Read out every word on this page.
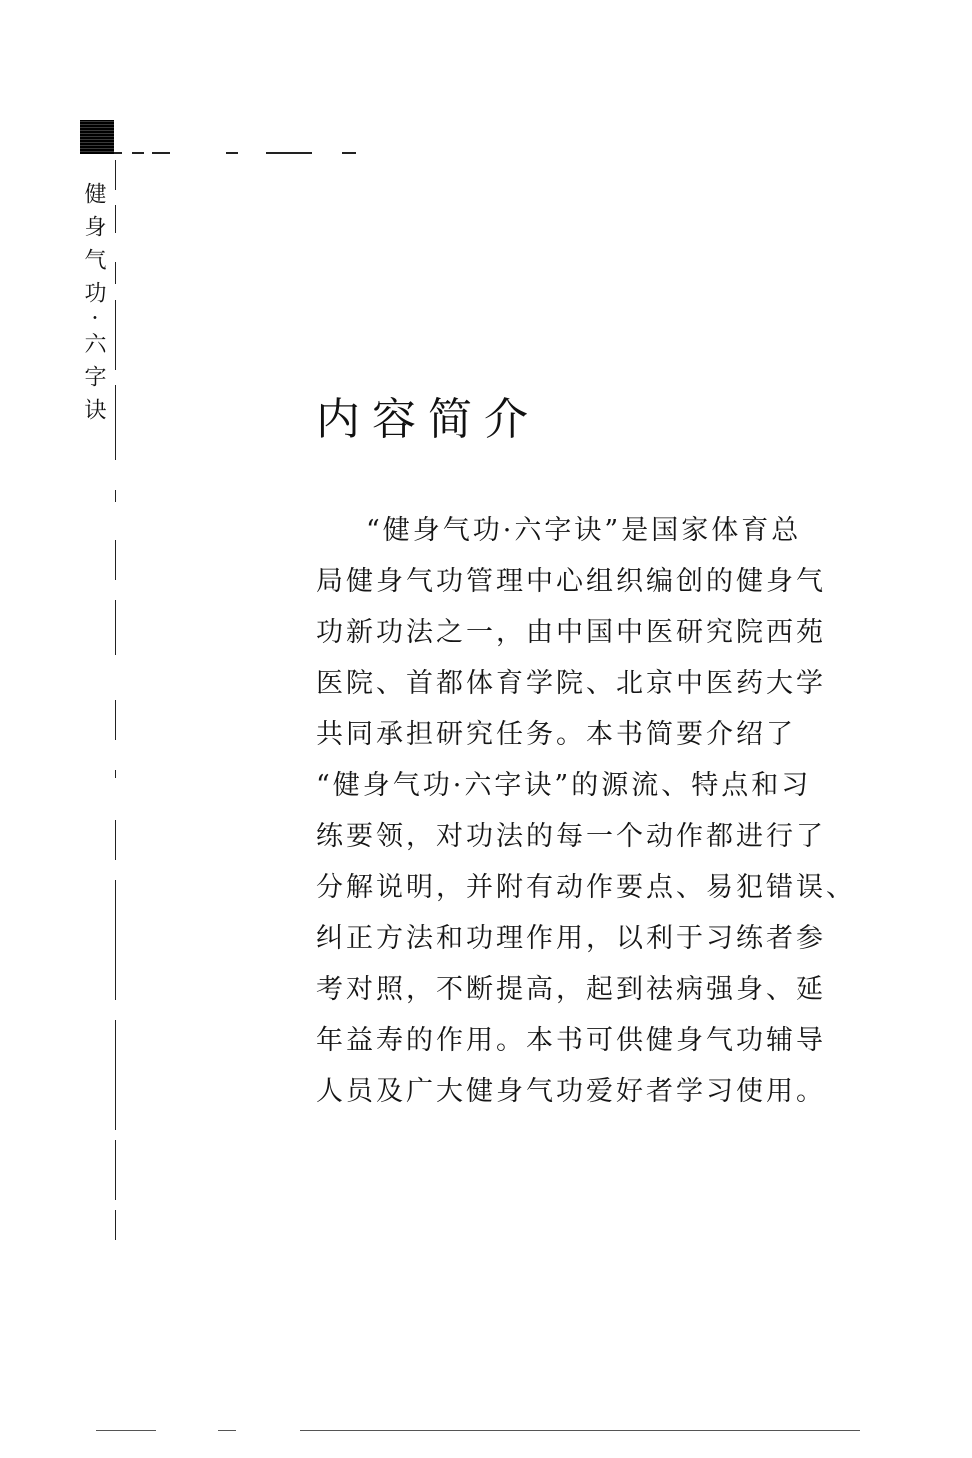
健身气功·六字诀	内容简介
“健身气功·六字诀”是国家体育总
局健身气功管理中心组织编创的健身气
功新功法之一，由中国中医研究院西苑
医院、首都体育学院、北京中医药大学
共同承担研究任务。本书简要介绍了
“健身气功·六字诀”的源流、特点和习
练要领，对功法的每一个动作都进行了
分解说明，并附有动作要点、易犯错误、
纠正方法和功理作用，以利于习练者参
考对照，不断提高，起到祛病强身、延
年益寿的作用。本书可供健身气功辅导
人员及广大健身气功爱好者学习使用。
